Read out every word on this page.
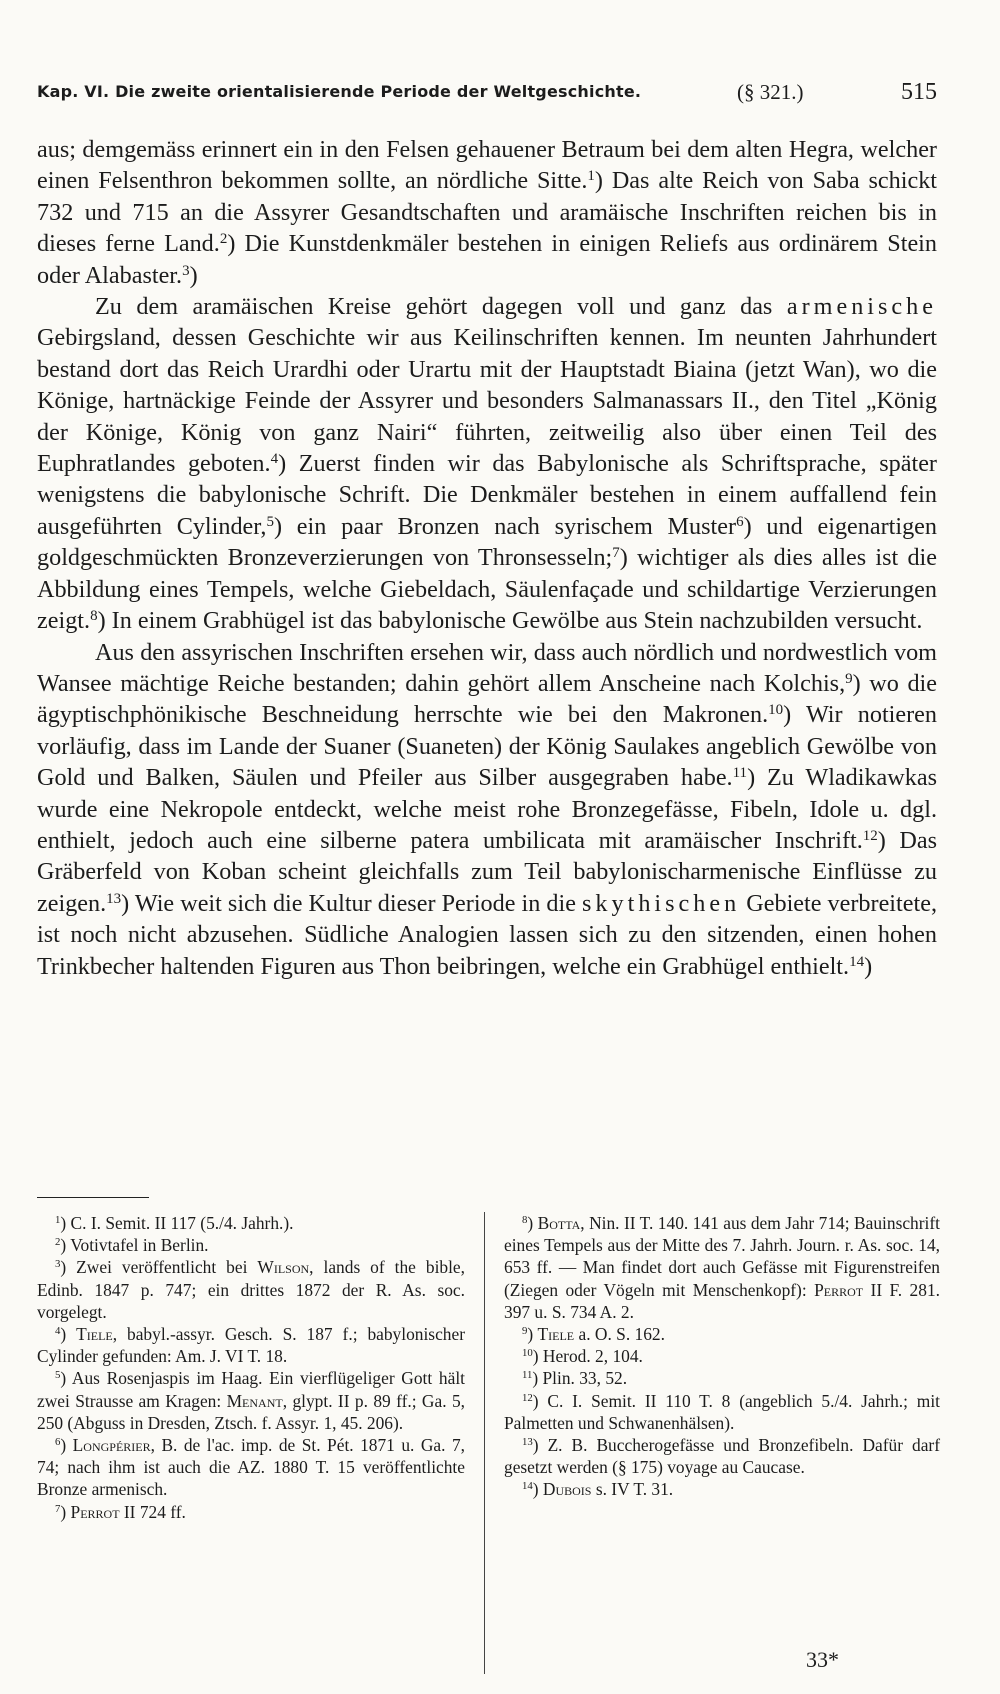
Kap. VI. Die zweite orientalisierende Periode der Weltgeschichte.	(§ 321.)	515

aus; demgemäss erinnert ein in den Felsen gehauener Betraum bei dem alten Hegra, welcher einen Felsenthron bekommen sollte, an nördliche Sitte.$^1$) Das alte Reich von Saba schickt 732 und 715 an die Assyrer Gesandtschaften und aramäische Inschriften reichen bis in dieses ferne Land.$^2$) Die Kunstdenkmäler bestehen in einigen Reliefs aus ordinärem Stein oder Alabaster.$^3$)

Zu dem aramäischen Kreise gehört dagegen voll und ganz das armenische Gebirgsland, dessen Geschichte wir aus Keilinschriften kennen. Im neunten Jahrhundert bestand dort das Reich Urardhi oder Urartu mit der Hauptstadt Biaina (jetzt Wan), wo die Könige, hartnäckige Feinde der Assyrer und besonders Salmanassars II., den Titel „König der Könige, König von ganz Nairi“ führten, zeitweilig also über einen Teil des Euphratlandes geboten.$^4$) Zuerst finden wir das Babylonische als Schriftsprache, später wenigstens die babylonische Schrift. Die Denkmäler bestehen in einem auffallend fein ausgeführten Cylinder,$^5$) ein paar Bronzen nach syrischem Muster$^6$) und eigenartigen goldgeschmückten Bronzeverzierungen von Thronsesseln;$^7$) wichtiger als dies alles ist die Abbildung eines Tempels, welche Giebeldach, Säulenfaçade und schildartige Verzierungen zeigt.$^8$) In einem Grabhügel ist das babylonische Gewölbe aus Stein nachzubilden versucht.

Aus den assyrischen Inschriften ersehen wir, dass auch nördlich und nordwestlich vom Wansee mächtige Reiche bestanden; dahin gehört allem Anscheine nach Kolchis,$^9$) wo die ägyptischphönikische Beschneidung herrschte wie bei den Makronen.$^{10}$) Wir notieren vorläufig, dass im Lande der Suaner (Suaneten) der König Saulakes angeblich Gewölbe von Gold und Balken, Säulen und Pfeiler aus Silber ausgegraben habe.$^{11}$) Zu Wladikawkas wurde eine Nekropole entdeckt, welche meist rohe Bronzegefässe, Fibeln, Idole u. dgl. enthielt, jedoch auch eine silberne patera umbilicata mit aramäischer Inschrift.$^{12}$) Das Gräberfeld von Koban scheint gleichfalls zum Teil babylonischarmenische Einflüsse zu zeigen.$^{13}$) Wie weit sich die Kultur dieser Periode in die skythischen Gebiete verbreitete, ist noch nicht abzusehen. Südliche Analogien lassen sich zu den sitzenden, einen hohen Trinkbecher haltenden Figuren aus Thon beibringen, welche ein Grabhügel enthielt.$^{14}$)

$^1$) C. I. Semit. II 117 (5./4. Jahrh.).

$^2$) Votivtafel in Berlin.

$^3$) Zwei veröffentlicht bei Wilson, lands of the bible, Edinb. 1847 p. 747; ein drittes 1872 der R. As. soc. vorgelegt.

$^4$) Tiele, babyl.-assyr. Gesch. S. 187 f.; babylonischer Cylinder gefunden: Am. J. VI T. 18.

$^5$) Aus Rosenjaspis im Haag. Ein vierflügeliger Gott hält zwei Strausse am Kragen: Menant, glypt. II p. 89 ff.; Ga. 5, 250 (Abguss in Dresden, Ztsch. f. Assyr. 1, 45. 206).

$^6$) Longpérier, B. de l'ac. imp. de St. Pét. 1871 u. Ga. 7, 74; nach ihm ist auch die AZ. 1880 T. 15 veröffentlichte Bronze armenisch.

$^7$) Perrot II 724 ff.

$^8$) Botta, Nin. II T. 140. 141 aus dem Jahr 714; Bauinschrift eines Tempels aus der Mitte des 7. Jahrh. Journ. r. As. soc. 14, 653 ff. — Man findet dort auch Gefässe mit Figurenstreifen (Ziegen oder Vögeln mit Menschenkopf): Perrot II F. 281. 397 u. S. 734 A. 2.

$^9$) Tiele a. O. S. 162.

$^{10}$) Herod. 2, 104.

$^{11}$) Plin. 33, 52.

$^{12}$) C. I. Semit. II 110 T. 8 (angeblich 5./4. Jahrh.; mit Palmetten und Schwanenhälsen).

$^{13}$) Z. B. Buccherogefässe und Bronzefibeln. Dafür darf gesetzt werden (§ 175) voyage au Caucase.

$^{14}$) Dubois s. IV T. 31.

33*
